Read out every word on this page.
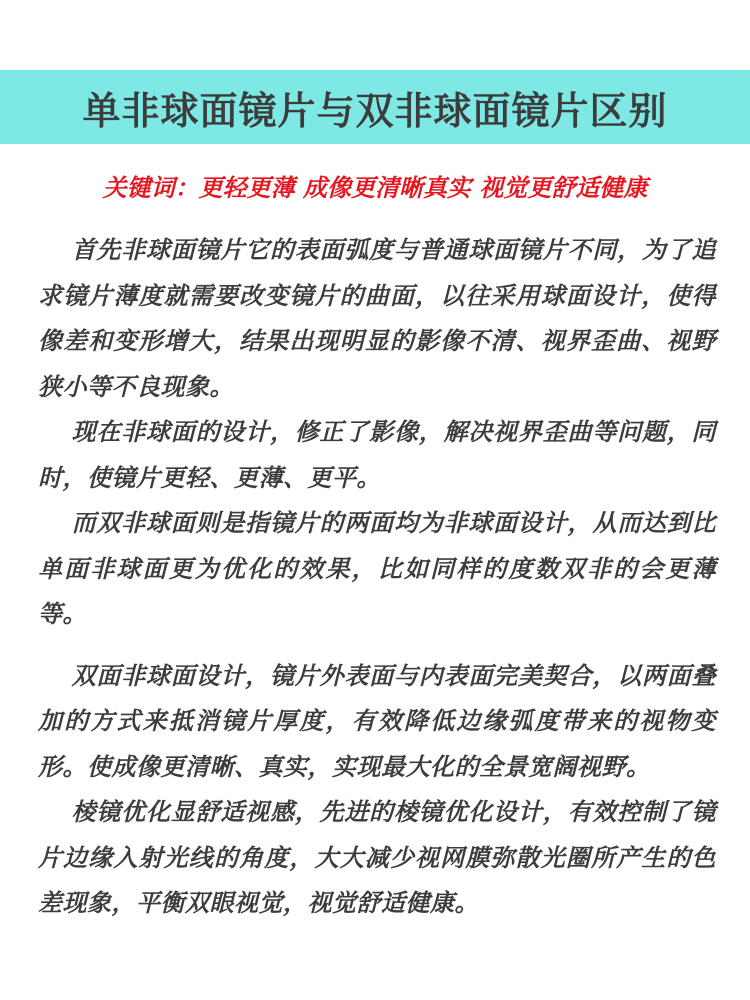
单非球面镜片与双非球面镜片区别
关键词：更轻更薄 成像更清晰真实 视觉更舒适健康

首先非球面镜片它的表面弧度与普通球面镜片不同，为了追求镜片薄度就需要改变镜片的曲面，以往采用球面设计，使得像差和变形增大，结果出现明显的影像不清、视界歪曲、视野狭小等不良现象。

现在非球面的设计，修正了影像，解决视界歪曲等问题，同时，使镜片更轻、更薄、更平。

而双非球面则是指镜片的两面均为非球面设计，从而达到比单面非球面更为优化的效果，比如同样的度数双非的会更薄等。

双面非球面设计，镜片外表面与内表面完美契合，以两面叠加的方式来抵消镜片厚度，有效降低边缘弧度带来的视物变形。使成像更清晰、真实，实现最大化的全景宽阔视野。

棱镜优化显舒适视感，先进的棱镜优化设计，有效控制了镜片边缘入射光线的角度，大大减少视网膜弥散光圈所产生的色差现象，平衡双眼视觉，视觉舒适健康。
